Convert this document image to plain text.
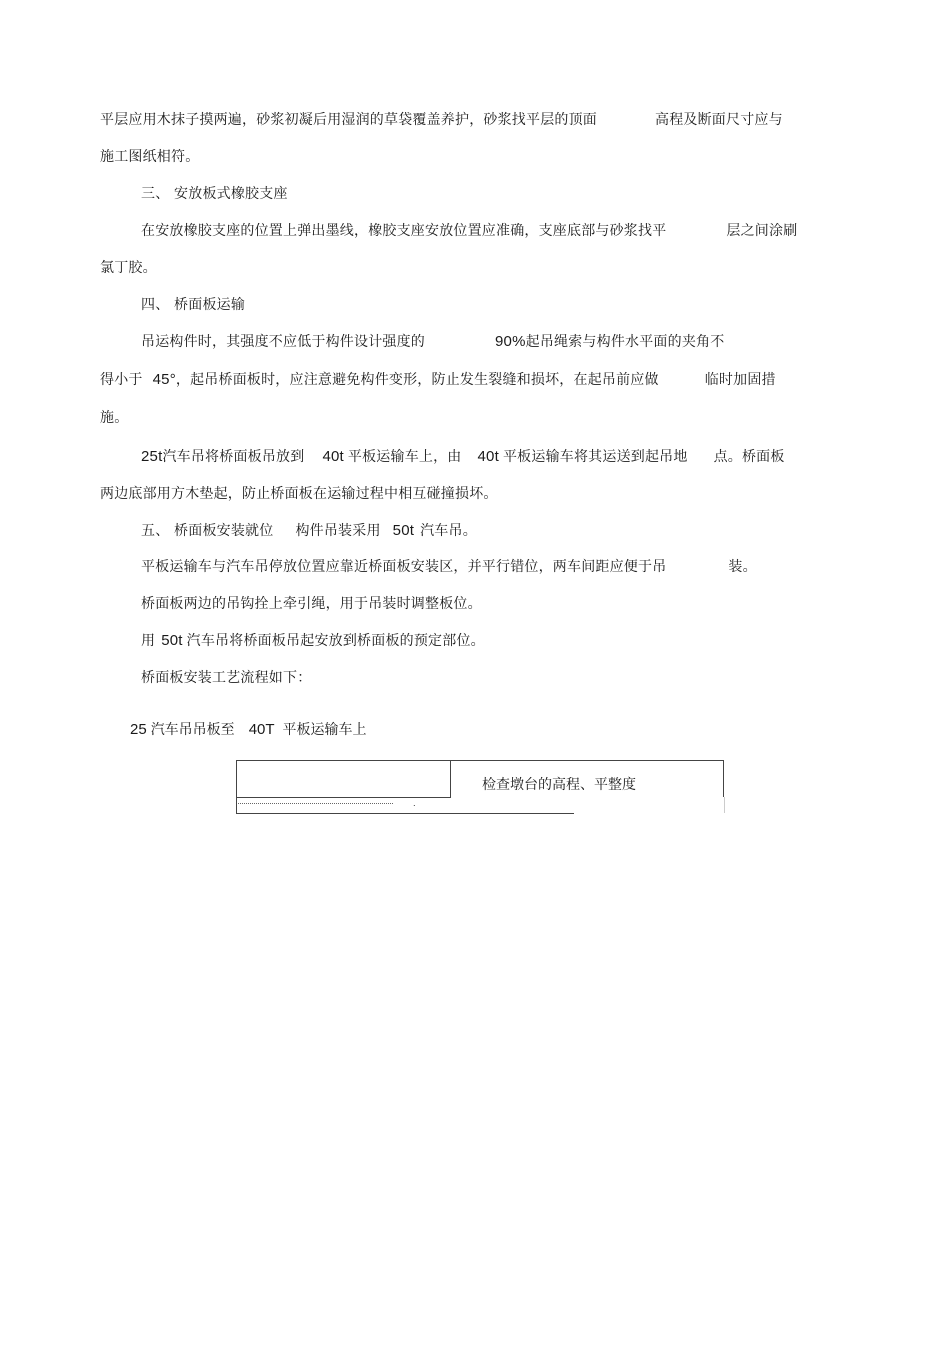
平层应用木抹子摸两遍，砂浆初凝后用湿润的草袋覆盖养护，砂浆找平层的顶面	高程及断面尺寸应与
施工图纸相符。
三、 安放板式橡胶支座
在安放橡胶支座的位置上弹出墨线，橡胶支座安放位置应准确，支座底部与砂浆找平	层之间涂刷
氯丁胶。
四、 桥面板运输
吊运构件时，其强度不应低于构件设计强度的	90%起吊绳索与构件水平面的夹角不
得小于 45°，起吊桥面板时，应注意避免构件变形，防止发生裂缝和损坏，在起吊前应做	临时加固措
施。
25t汽车吊将桥面板吊放到 40t 平板运输车上，由 40t 平板运输车将其运送到起吊地 点。桥面板
两边底部用方木垫起，防止桥面板在运输过程中相互碰撞损坏。
五、 桥面板安装就位 构件吊装采用 50t 汽车吊。
平板运输车与汽车吊停放位置应靠近桥面板安装区，并平行错位，两车间距应便于吊	装。
桥面板两边的吊钩拴上牵引绳，用于吊装时调整板位。
用 50t 汽车吊将桥面板吊起安放到桥面板的预定部位。
桥面板安装工艺流程如下：
25 汽车吊吊板至 40T 平板运输车上
检查墩台的高程、平整度
.
